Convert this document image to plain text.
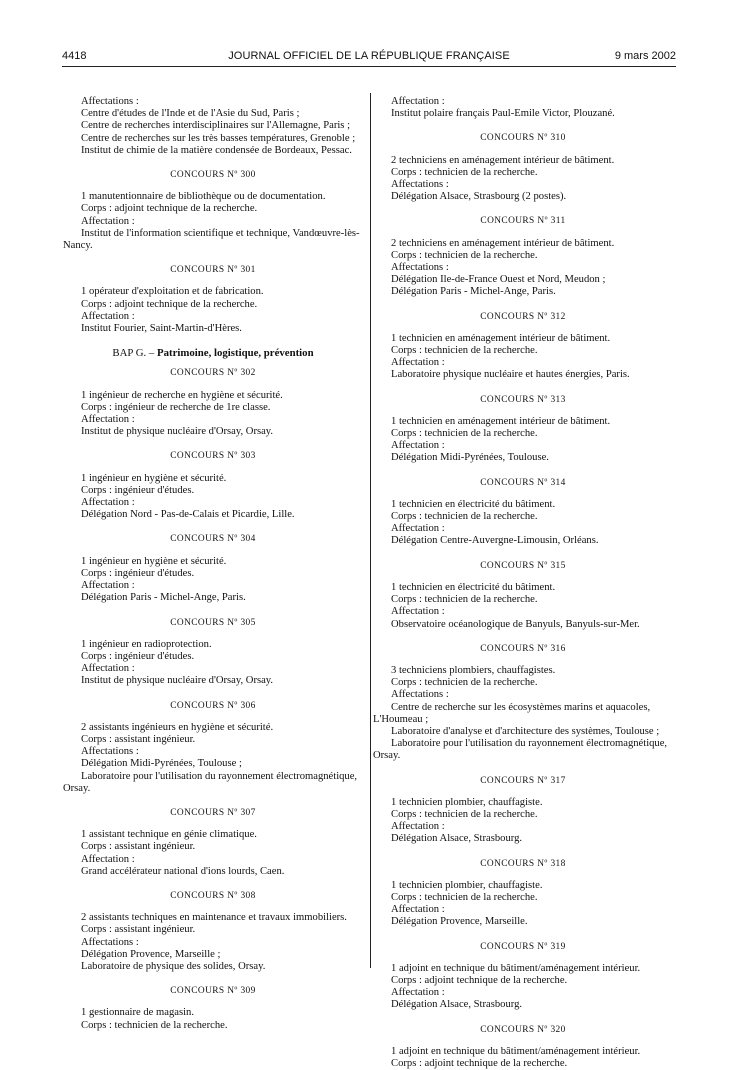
4418	JOURNAL OFFICIEL DE LA RÉPUBLIQUE FRANÇAISE	9 mars 2002
Affectations :
Centre d'études de l'Inde et de l'Asie du Sud, Paris ;
Centre de recherches interdisciplinaires sur l'Allemagne, Paris ;
Centre de recherches sur les très basses températures, Grenoble ;
Institut de chimie de la matière condensée de Bordeaux, Pessac.
CONCOURS Nº 300
1 manutentionnaire de bibliothèque ou de documentation.
Corps : adjoint technique de la recherche.
Affectation :
Institut de l'information scientifique et technique, Vandœuvre-lès-
Nancy.
CONCOURS Nº 301
1 opérateur d'exploitation et de fabrication.
Corps : adjoint technique de la recherche.
Affectation :
Institut Fourier, Saint-Martin-d'Hères.
BAP G. – Patrimoine, logistique, prévention
CONCOURS Nº 302
1 ingénieur de recherche en hygiène et sécurité.
Corps : ingénieur de recherche de 1re classe.
Affectation :
Institut de physique nucléaire d'Orsay, Orsay.
CONCOURS Nº 303
1 ingénieur en hygiène et sécurité.
Corps : ingénieur d'études.
Affectation :
Délégation Nord - Pas-de-Calais et Picardie, Lille.
CONCOURS Nº 304
1 ingénieur en hygiène et sécurité.
Corps : ingénieur d'études.
Affectation :
Délégation Paris - Michel-Ange, Paris.
CONCOURS Nº 305
1 ingénieur en radioprotection.
Corps : ingénieur d'études.
Affectation :
Institut de physique nucléaire d'Orsay, Orsay.
CONCOURS Nº 306
2 assistants ingénieurs en hygiène et sécurité.
Corps : assistant ingénieur.
Affectations :
Délégation Midi-Pyrénées, Toulouse ;
Laboratoire pour l'utilisation du rayonnement électromagnétique,
Orsay.
CONCOURS Nº 307
1 assistant technique en génie climatique.
Corps : assistant ingénieur.
Affectation :
Grand accélérateur national d'ions lourds, Caen.
CONCOURS Nº 308
2 assistants techniques en maintenance et travaux immobiliers.
Corps : assistant ingénieur.
Affectations :
Délégation Provence, Marseille ;
Laboratoire de physique des solides, Orsay.
CONCOURS Nº 309
1 gestionnaire de magasin.
Corps : technicien de la recherche.
Affectation :
Institut polaire français Paul-Emile Victor, Plouzané.
CONCOURS Nº 310
2 techniciens en aménagement intérieur de bâtiment.
Corps : technicien de la recherche.
Affectations :
Délégation Alsace, Strasbourg (2 postes).
CONCOURS Nº 311
2 techniciens en aménagement intérieur de bâtiment.
Corps : technicien de la recherche.
Affectations :
Délégation Ile-de-France Ouest et Nord, Meudon ;
Délégation Paris - Michel-Ange, Paris.
CONCOURS Nº 312
1 technicien en aménagement intérieur de bâtiment.
Corps : technicien de la recherche.
Affectation :
Laboratoire physique nucléaire et hautes énergies, Paris.
CONCOURS Nº 313
1 technicien en aménagement intérieur de bâtiment.
Corps : technicien de la recherche.
Affectation :
Délégation Midi-Pyrénées, Toulouse.
CONCOURS Nº 314
1 technicien en électricité du bâtiment.
Corps : technicien de la recherche.
Affectation :
Délégation Centre-Auvergne-Limousin, Orléans.
CONCOURS Nº 315
1 technicien en électricité du bâtiment.
Corps : technicien de la recherche.
Affectation :
Observatoire océanologique de Banyuls, Banyuls-sur-Mer.
CONCOURS Nº 316
3 techniciens plombiers, chauffagistes.
Corps : technicien de la recherche.
Affectations :
Centre de recherche sur les écosystèmes marins et aquacoles,
L'Houmeau ;
Laboratoire d'analyse et d'architecture des systèmes, Toulouse ;
Laboratoire pour l'utilisation du rayonnement électromagnétique,
Orsay.
CONCOURS Nº 317
1 technicien plombier, chauffagiste.
Corps : technicien de la recherche.
Affectation :
Délégation Alsace, Strasbourg.
CONCOURS Nº 318
1 technicien plombier, chauffagiste.
Corps : technicien de la recherche.
Affectation :
Délégation Provence, Marseille.
CONCOURS Nº 319
1 adjoint en technique du bâtiment/aménagement intérieur.
Corps : adjoint technique de la recherche.
Affectation :
Délégation Alsace, Strasbourg.
CONCOURS Nº 320
1 adjoint en technique du bâtiment/aménagement intérieur.
Corps : adjoint technique de la recherche.
